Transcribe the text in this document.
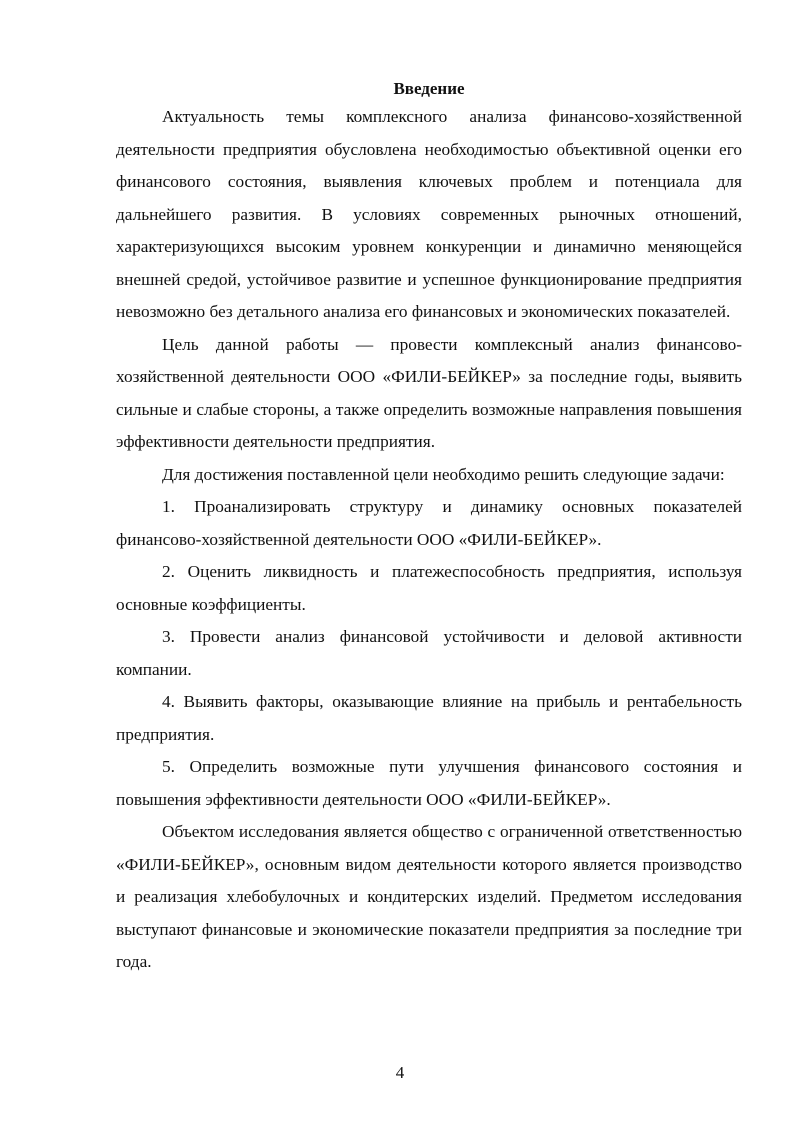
Введение

Актуальность темы комплексного анализа финансово-хозяйственной деятельности предприятия обусловлена необходимостью объективной оценки его финансового состояния, выявления ключевых проблем и потенциала для дальнейшего развития. В условиях современных рыночных отношений, характеризующихся высоким уровнем конкуренции и динамично меняющейся внешней средой, устойчивое развитие и успешное функционирование предприятия невозможно без детального анализа его финансовых и экономических показателей.

Цель данной работы — провести комплексный анализ финансово-хозяйственной деятельности ООО «ФИЛИ-БЕЙКЕР» за последние годы, выявить сильные и слабые стороны, а также определить возможные направления повышения эффективности деятельности предприятия.

Для достижения поставленной цели необходимо решить следующие задачи:

1. Проанализировать структуру и динамику основных показателей финансово-хозяйственной деятельности ООО «ФИЛИ-БЕЙКЕР».

2. Оценить ликвидность и платежеспособность предприятия, используя основные коэффициенты.

3. Провести анализ финансовой устойчивости и деловой активности компании.

4. Выявить факторы, оказывающие влияние на прибыль и рентабельность предприятия.

5. Определить возможные пути улучшения финансового состояния и повышения эффективности деятельности ООО «ФИЛИ-БЕЙКЕР».

Объектом исследования является общество с ограниченной ответственностью «ФИЛИ-БЕЙКЕР», основным видом деятельности которого является производство и реализация хлебобулочных и кондитерских изделий. Предметом исследования выступают финансовые и экономические показатели предприятия за последние три года.

4
